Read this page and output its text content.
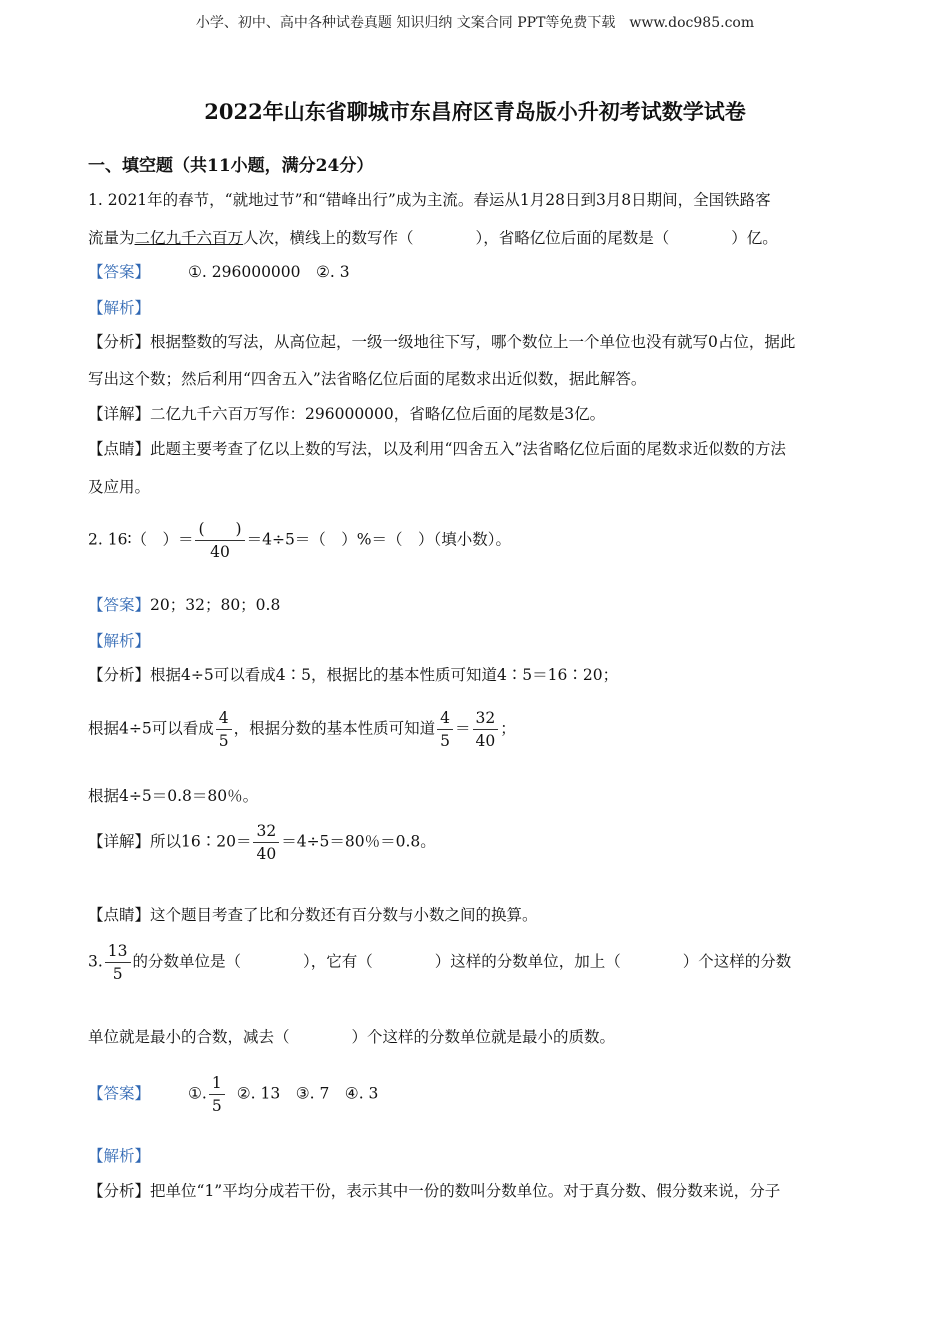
小学、初中、高中各种试卷真题 知识归纳 文案合同 PPT等免费下载 www.doc985.com
2022年山东省聊城市东昌府区青岛版小升初考试数学试卷
一、填空题（共11小题，满分24分）
1. 2021年的春节，“就地过节”和“错峰出行”成为主流。春运从1月28日到3月8日期间，全国铁路客
流量为二亿九千六百万人次，横线上的数写作（　　　　），省略亿位后面的尾数是（　　　　）亿。
【答案】 ①. 296000000　②. 3
【解析】
【分析】根据整数的写法，从高位起，一级一级地往下写，哪个数位上一个单位也没有就写0占位，据此
写出这个数；然后利用“四舍五入”法省略亿位后面的尾数求出近似数，据此解答。
【详解】二亿九千六百万写作：296000000，省略亿位后面的尾数是3亿。
【点睛】此题主要考查了亿以上数的写法，以及利用“四舍五入”法省略亿位后面的尾数求近似数的方法
及应用。
2. 16∶（　）＝ $\frac{( )}{40} =4\div 5=$（　）%＝（　）（填小数）。
【答案】20；32；80；0.8
【解析】
【分析】根据4÷5可以看成4∶5，根据比的基本性质可知道4∶5＝16∶20；
根据4÷5可以看成 $\frac{4}{5}$ ，根据分数的基本性质可知道 $\frac{4}{5} = \frac{32}{40}$ ；
根据4÷5＝0.8＝80％。
【详解】所以16∶20＝ $\frac{32}{40} =4\div 5=80$％＝0.8。
【点睛】这个题目考查了比和分数还有百分数与小数之间的换算。
3. $\frac{13}{5}$ 的分数单位是（　　　　），它有（　　　　）这样的分数单位，加上（　　　　）个这样的分数
单位就是最小的合数，减去（　　　　）个这样的分数单位就是最小的质数。
【答案】 ①. $\frac{1}{5}$ ②. 13　③. 7　④. 3
【解析】
【分析】把单位“1”平均分成若干份，表示其中一份的数叫分数单位。对于真分数、假分数来说，分子
